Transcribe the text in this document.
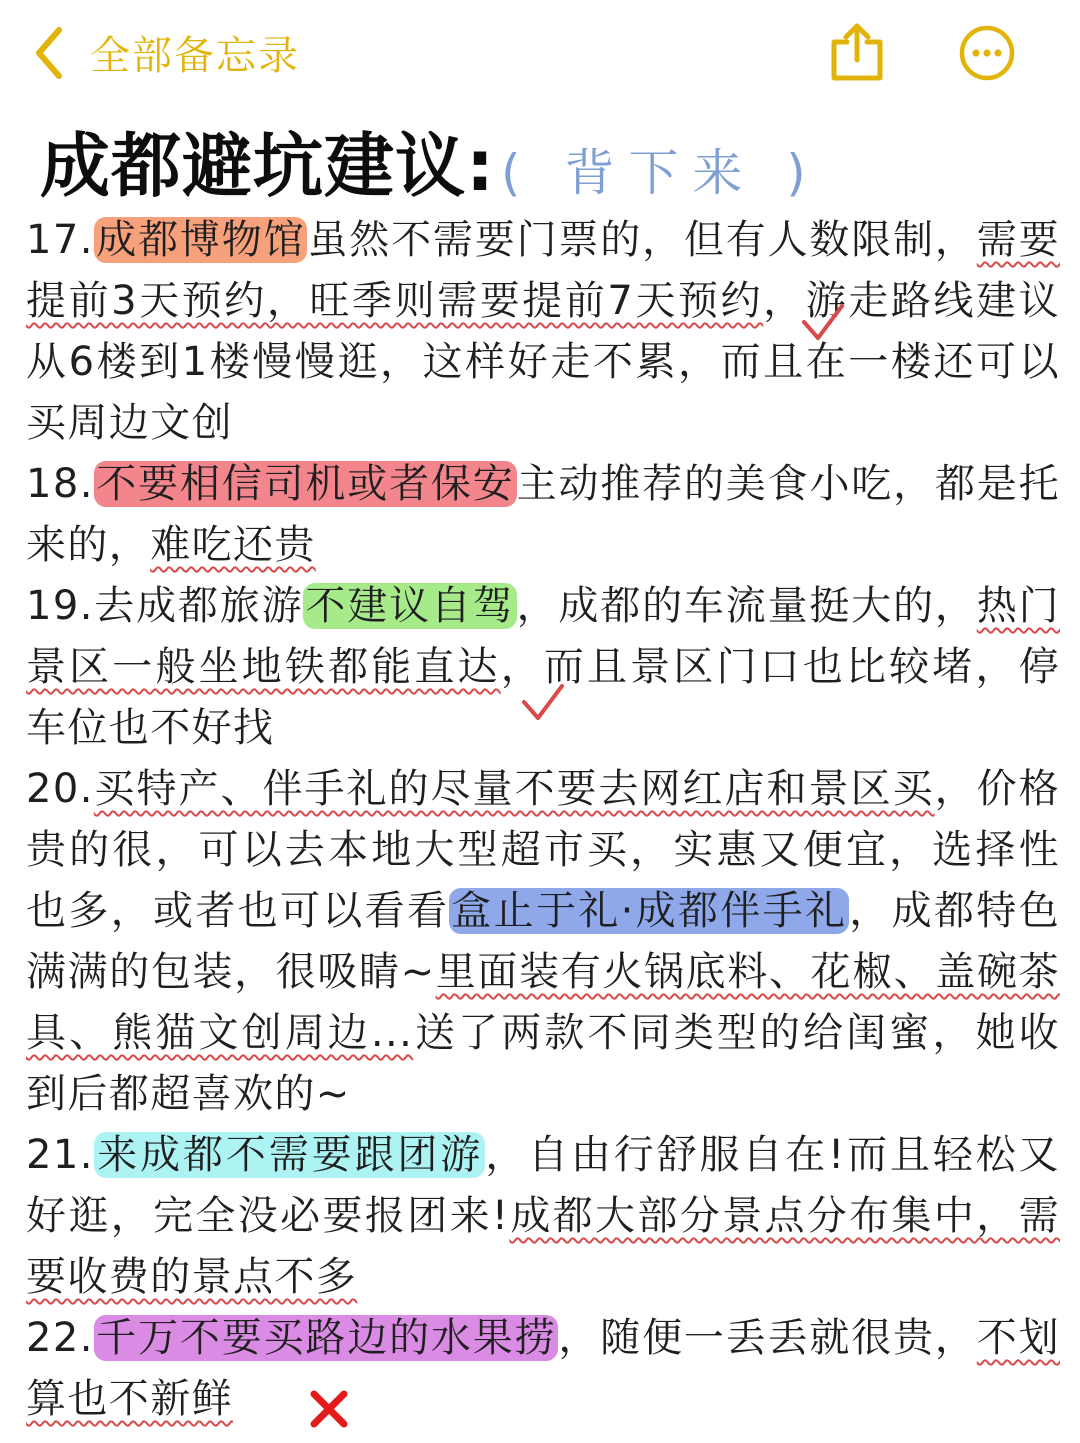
全部备忘录
成都避坑建议: ( 背下来 )

17.成都博物馆虽然不需要门票的，但有人数限制，需要提前3天预约，旺季则需要提前7天预约，游走路线建议从6楼到1楼慢慢逛，这样好走不累，而且在一楼还可以买周边文创

18.不要相信司机或者保安主动推荐的美食小吃，都是托来的，难吃还贵

19.去成都旅游不建议自驾，成都的车流量挺大的，热门景区一般坐地铁都能直达，而且景区门口也比较堵，停车位也不好找

20.买特产、伴手礼的尽量不要去网红店和景区买，价格贵的很，可以去本地大型超市买，实惠又便宜，选择性也多，或者也可以看看盒止于礼·成都伴手礼，成都特色满满的包装，很吸睛~里面装有火锅底料、花椒、盖碗茶具、熊猫文创周边...送了两款不同类型的给闺蜜，她收到后都超喜欢的~

21.来成都不需要跟团游，自由行舒服自在!而且轻松又好逛，完全没必要报团来!成都大部分景点分布集中，需要收费的景点不多

22.千万不要买路边的水果捞，随便一丢丢就很贵，不划算也不新鲜
